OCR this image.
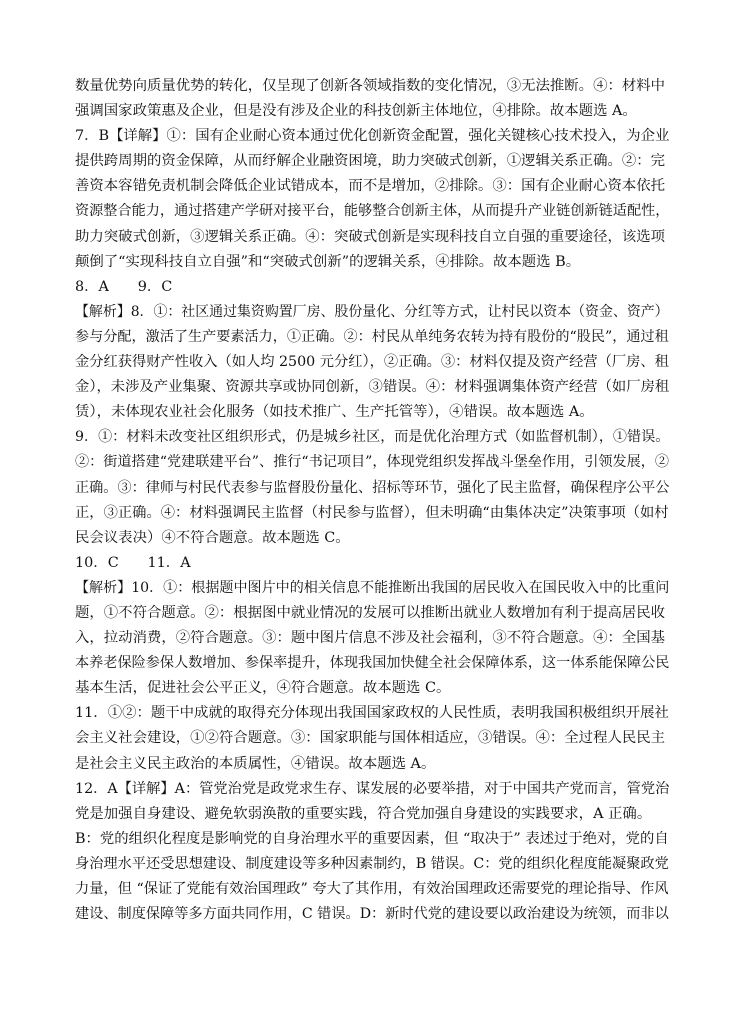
数量优势向质量优势的转化，仅呈现了创新各领域指数的变化情况，③无法推断。④：材料中
强调国家政策惠及企业，但是没有涉及企业的科技创新主体地位，④排除。故本题选 A。
7．B【详解】①：国有企业耐心资本通过优化创新资金配置，强化关键核心技术投入，为企业
提供跨周期的资金保障，从而纾解企业融资困境，助力突破式创新，①逻辑关系正确。②：完
善资本容错免责机制会降低企业试错成本，而不是增加，②排除。③：国有企业耐心资本依托
资源整合能力，通过搭建产学研对接平台，能够整合创新主体，从而提升产业链创新链适配性，
助力突破式创新，③逻辑关系正确。④：突破式创新是实现科技自立自强的重要途径，该选项
颠倒了“实现科技自立自强”和“突破式创新”的逻辑关系，④排除。故本题选 B。
8．A　　9．C
【解析】8．①：社区通过集资购置厂房、股份量化、分红等方式，让村民以资本（资金、资产）
参与分配，激活了生产要素活力，①正确。②：村民从单纯务农转为持有股份的“股民”，通过租
金分红获得财产性收入（如人均 2500 元分红），②正确。③：材料仅提及资产经营（厂房、租
金），未涉及产业集聚、资源共享或协同创新，③错误。④：材料强调集体资产经营（如厂房租
赁），未体现农业社会化服务（如技术推广、生产托管等），④错误。故本题选 A。
9．①：材料未改变社区组织形式，仍是城乡社区，而是优化治理方式（如监督机制），①错误。
②：街道搭建“党建联建平台”、推行“书记项目”，体现党组织发挥战斗堡垒作用，引领发展，②
正确。③：律师与村民代表参与监督股份量化、招标等环节，强化了民主监督，确保程序公平公
正，③正确。④：材料强调民主监督（村民参与监督），但未明确“由集体决定”决策事项（如村
民会议表决）④不符合题意。故本题选 C。
10．C　　11．A
【解析】10．①：根据题中图片中的相关信息不能推断出我国的居民收入在国民收入中的比重问
题，①不符合题意。②：根据图中就业情况的发展可以推断出就业人数增加有利于提高居民收
入，拉动消费，②符合题意。③：题中图片信息不涉及社会福利，③不符合题意。④：全国基
本养老保险参保人数增加、参保率提升，体现我国加快健全社会保障体系，这一体系能保障公民
基本生活，促进社会公平正义，④符合题意。故本题选 C。
11．①②：题干中成就的取得充分体现出我国国家政权的人民性质，表明我国积极组织开展社
会主义社会建设，①②符合题意。③：国家职能与国体相适应，③错误。④：全过程人民民主
是社会主义民主政治的本质属性，④错误。故本题选 A。
12．A【详解】A：管党治党是政党求生存、谋发展的必要举措，对于中国共产党而言，管党治
党是加强自身建设、避免软弱涣散的重要实践，符合党加强自身建设的实践要求，A 正确。
B：党的组织化程度是影响党的自身治理水平的重要因素，但 “取决于” 表述过于绝对，党的自
身治理水平还受思想建设、制度建设等多种因素制约，B 错误。C：党的组织化程度能凝聚政党
力量，但 “保证了党能有效治国理政” 夸大了其作用，有效治国理政还需要党的理论指导、作风
建设、制度保障等多方面共同作用，C 错误。D：新时代党的建设要以政治建设为统领，而非以
